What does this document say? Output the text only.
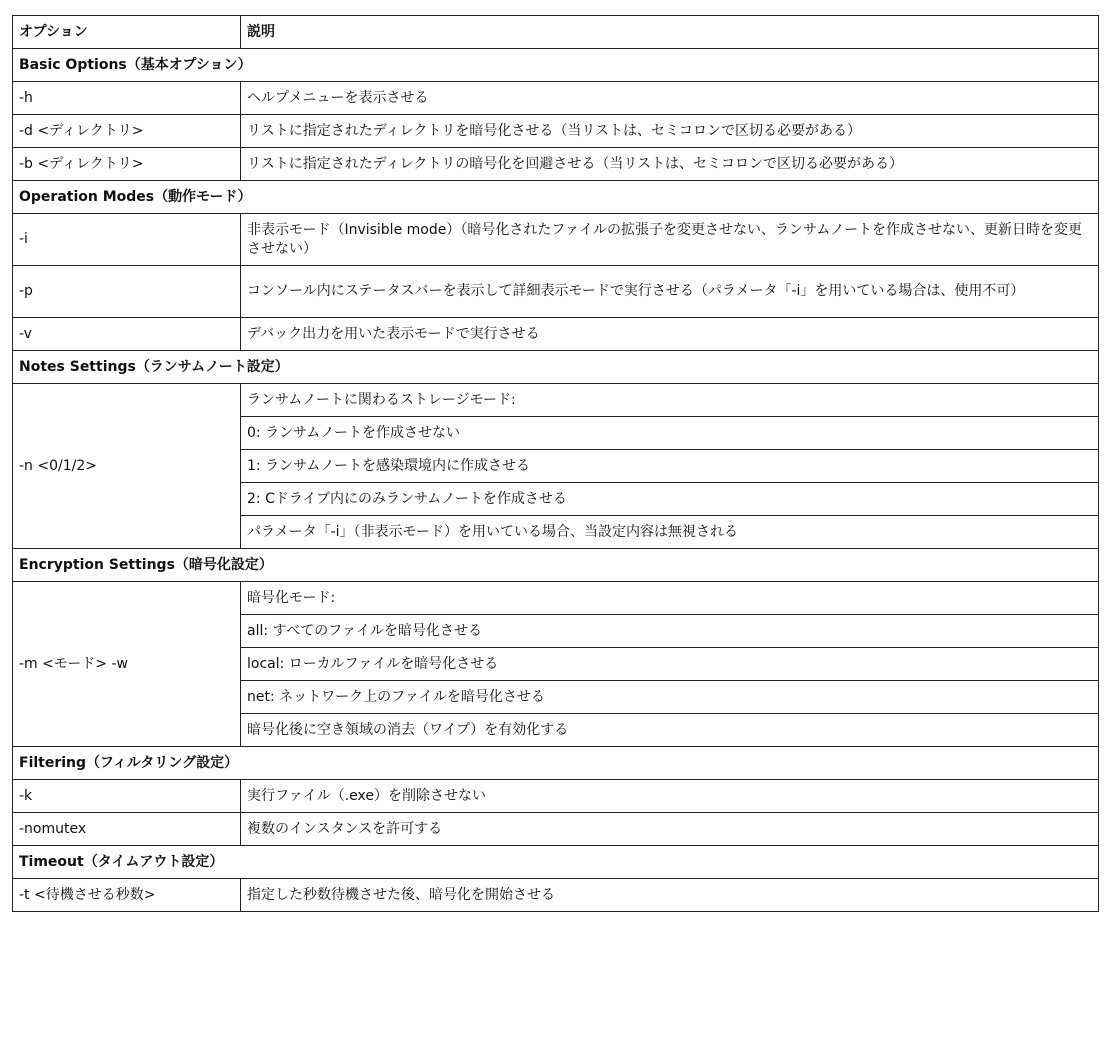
オプション	説明
Basic Options（基本オプション）	
-h	ヘルプメニューを表示させる
-d <ディレクトリ>	リストに指定されたディレクトリを暗号化させる（当リストは、セミコロンで区切る必要がある）
-b <ディレクトリ>	リストに指定されたディレクトリの暗号化を回避させる（当リストは、セミコロンで区切る必要がある）
Operation Modes（動作モード）	
-i	非表示モード（Invisible mode）（暗号化されたファイルの拡張子を変更させない、ランサムノートを作成させない、更新日時を変更させない）
-p	コンソール内にステータスバーを表示して詳細表示モードで実行させる（パラメータ「-i」を用いている場合は、使用不可）
-v	デバック出力を用いた表示モードで実行させる
Notes Settings（ランサムノート設定）	
-n <0/1/2>	ランサムノートに関わるストレージモード:
	0: ランサムノートを作成させない
	1: ランサムノートを感染環境内に作成させる
	2: Cドライブ内にのみランサムノートを作成させる
	パラメータ「-i」（非表示モード）を用いている場合、当設定内容は無視される
Encryption Settings（暗号化設定）	
-m <モード> -w	暗号化モード:
	all: すべてのファイルを暗号化させる
	local: ローカルファイルを暗号化させる
	net: ネットワーク上のファイルを暗号化させる
	暗号化後に空き領域の消去（ワイプ）を有効化する
Filtering（フィルタリング設定）	
-k	実行ファイル（.exe）を削除させない
-nomutex	複数のインスタンスを許可する
Timeout（タイムアウト設定）	
-t <待機させる秒数>	指定した秒数待機させた後、暗号化を開始させる
